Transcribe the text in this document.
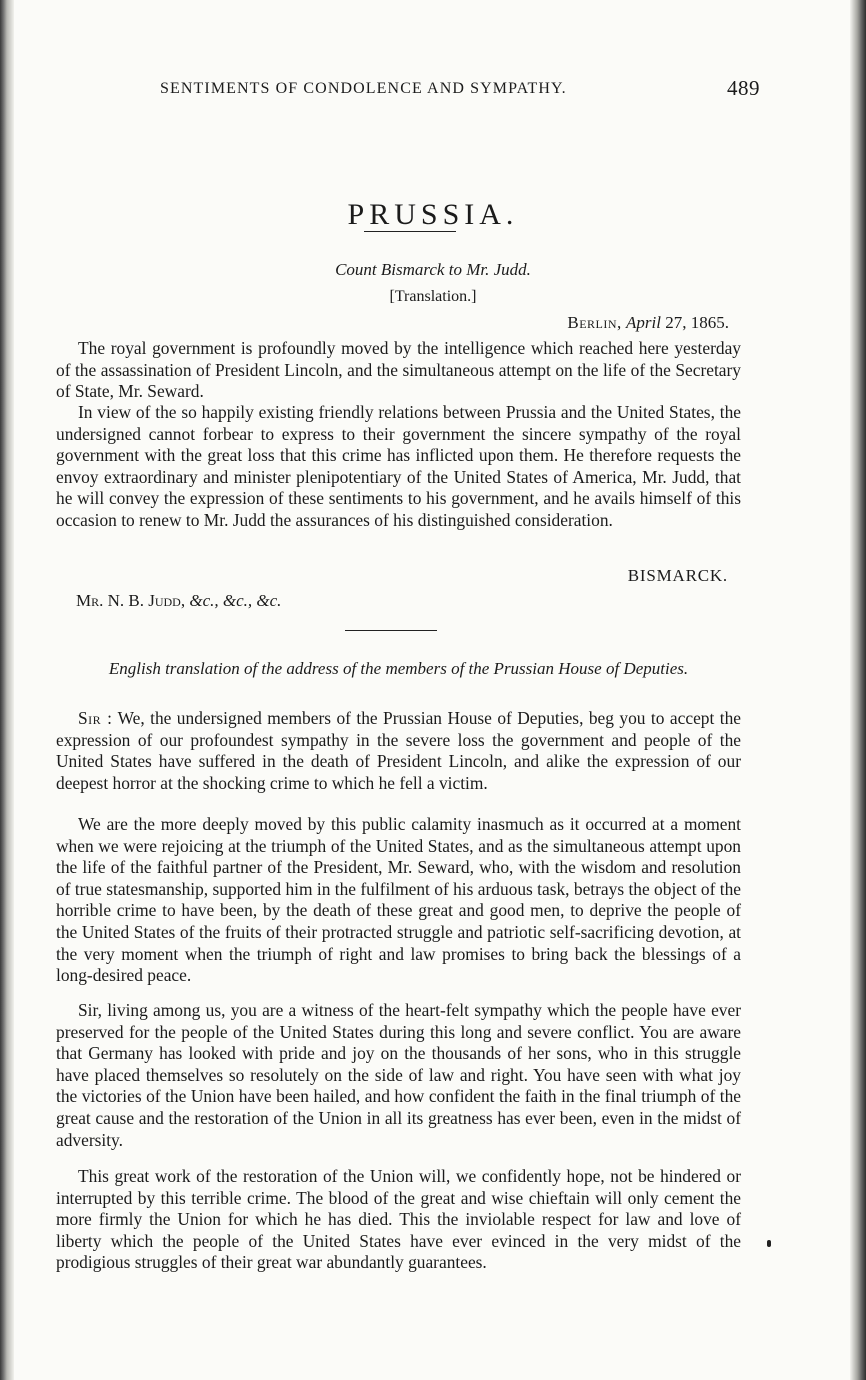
SENTIMENTS OF CONDOLENCE AND SYMPATHY.	489
PRUSSIA.
Count Bismarck to Mr. Judd.
[Translation.]
Berlin, April 27, 1865.

The royal government is profoundly moved by the intelligence which reached here yesterday of the assassination of President Lincoln, and the simultaneous attempt on the life of the Secretary of State, Mr. Seward.

In view of the so happily existing friendly relations between Prussia and the United States, the undersigned cannot forbear to express to their government the sincere sympathy of the royal government with the great loss that this crime has inflicted upon them. He therefore requests the envoy extraordinary and minister plenipotentiary of the United States of America, Mr. Judd, that he will convey the expression of these sentiments to his government, and he avails himself of this occasion to renew to Mr. Judd the assurances of his distinguished consideration.

BISMARCK.
Mr. N. B. Judd, &c., &c., &c.

English translation of the address of the members of the Prussian House of Deputies.

Sir : We, the undersigned members of the Prussian House of Deputies, beg you to accept the expression of our profoundest sympathy in the severe loss the government and people of the United States have suffered in the death of President Lincoln, and alike the expression of our deepest horror at the shocking crime to which he fell a victim.

We are the more deeply moved by this public calamity inasmuch as it occurred at a moment when we were rejoicing at the triumph of the United States, and as the simultaneous attempt upon the life of the faithful partner of the President, Mr. Seward, who, with the wisdom and resolution of true statesmanship, supported him in the fulfilment of his arduous task, betrays the object of the horrible crime to have been, by the death of these great and good men, to deprive the people of the United States of the fruits of their protracted struggle and patriotic self-sacrificing devotion, at the very moment when the triumph of right and law promises to bring back the blessings of a long-desired peace.

Sir, living among us, you are a witness of the heart-felt sympathy which the people have ever preserved for the people of the United States during this long and severe conflict. You are aware that Germany has looked with pride and joy on the thousands of her sons, who in this struggle have placed themselves so resolutely on the side of law and right. You have seen with what joy the victories of the Union have been hailed, and how confident the faith in the final triumph of the great cause and the restoration of the Union in all its greatness has ever been, even in the midst of adversity.

This great work of the restoration of the Union will, we confidently hope, not be hindered or interrupted by this terrible crime. The blood of the great and wise chieftain will only cement the more firmly the Union for which he has died. This the inviolable respect for law and love of liberty which the people of the United States have ever evinced in the very midst of the prodigious struggles of their great war abundantly guarantees.
